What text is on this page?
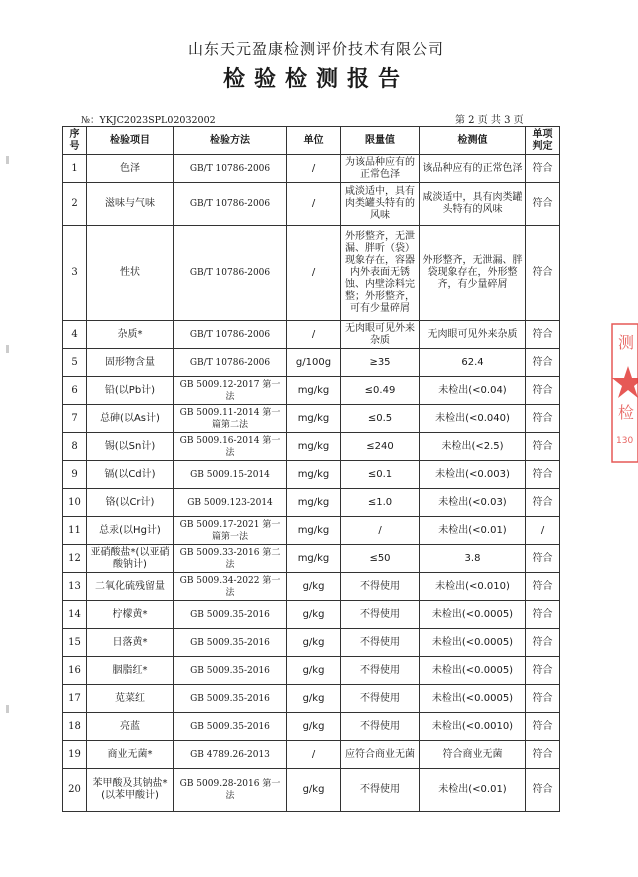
山东天元盈康检测评价技术有限公司
检验检测报告
№：YKJC2023SPL02032002	第 2 页 共 3 页
序号	检验项目	检验方法	单位	限量值	检测值	单项判定
1	色泽	GB/T 10786-2006	/	为该品种应有的正常色泽	该品种应有的正常色泽	符合
2	滋味与气味	GB/T 10786-2006	/	咸淡适中，具有肉类罐头特有的风味	咸淡适中，具有肉类罐头特有的风味	符合
3	性状	GB/T 10786-2006	/	外形整齐，无泄漏、胖听（袋）现象存在，容器内外表面无锈蚀、内壁涂料完整；外形整齐，可有少量碎屑	外形整齐，无泄漏、胖袋现象存在，外形整齐，有少量碎屑	符合
4	杂质*	GB/T 10786-2006	/	无肉眼可见外来杂质	无肉眼可见外来杂质	符合
5	固形物含量	GB/T 10786-2006	g/100g	≥35	62.4	符合
6	铅(以Pb计)	GB 5009.12-2017 第一法	mg/kg	≤0.49	未检出(<0.04)	符合
7	总砷(以As计)	GB 5009.11-2014 第一篇第二法	mg/kg	≤0.5	未检出(<0.040)	符合
8	锡(以Sn计)	GB 5009.16-2014 第一法	mg/kg	≤240	未检出(<2.5)	符合
9	镉(以Cd计)	GB 5009.15-2014	mg/kg	≤0.1	未检出(<0.003)	符合
10	铬(以Cr计)	GB 5009.123-2014	mg/kg	≤1.0	未检出(<0.03)	符合
11	总汞(以Hg计)	GB 5009.17-2021 第一篇第一法	mg/kg	/	未检出(<0.01)	/
12	亚硝酸盐*(以亚硝酸钠计)	GB 5009.33-2016 第二法	mg/kg	≤50	3.8	符合
13	二氧化硫残留量	GB 5009.34-2022 第一法	g/kg	不得使用	未检出(<0.010)	符合
14	柠檬黄*	GB 5009.35-2016	g/kg	不得使用	未检出(<0.0005)	符合
15	日落黄*	GB 5009.35-2016	g/kg	不得使用	未检出(<0.0005)	符合
16	胭脂红*	GB 5009.35-2016	g/kg	不得使用	未检出(<0.0005)	符合
17	苋菜红	GB 5009.35-2016	g/kg	不得使用	未检出(<0.0005)	符合
18	亮蓝	GB 5009.35-2016	g/kg	不得使用	未检出(<0.0010)	符合
19	商业无菌*	GB 4789.26-2013	/	应符合商业无菌	符合商业无菌	符合
20	苯甲酸及其钠盐*(以苯甲酸计)	GB 5009.28-2016 第一法	g/kg	不得使用	未检出(<0.01)	符合
测
检
130
